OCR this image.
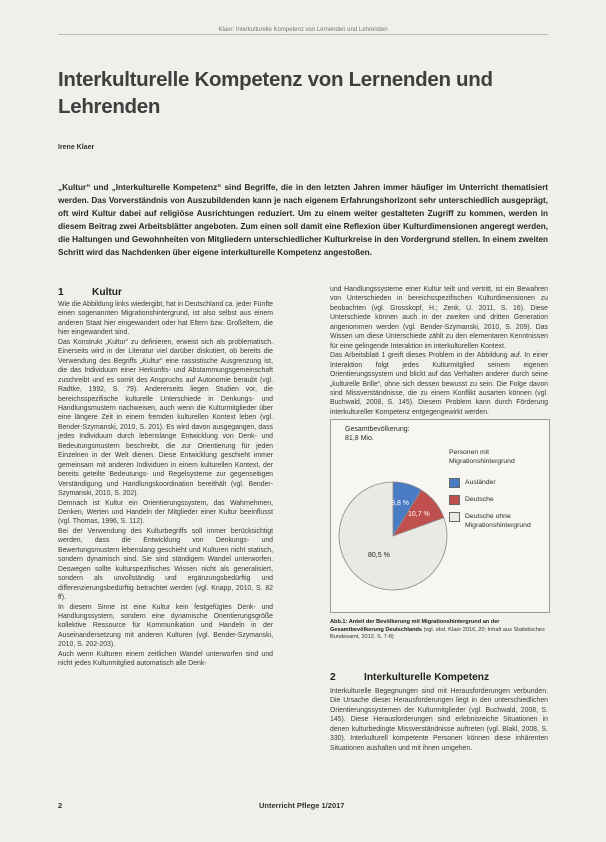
Klaer: Interkulturelle Kompetenz von Lernenden und Lehrenden
Interkulturelle Kompetenz von Lernenden und Lehrenden
Irene Klaer

„Kultur“ und „Interkulturelle Kompetenz“ sind Begriffe, die in den letzten Jahren immer häufiger im Unterricht thematisiert werden. Das Vorverständnis von Auszubildenden kann je nach eigenem Erfahrungshorizont sehr unterschiedlich ausgeprägt, oft wird Kultur dabei auf religiöse Ausrichtungen reduziert. Um zu einem weiter gestalteten Zugriff zu kommen, werden in diesem Beitrag zwei Arbeitsblätter angeboten. Zum einen soll damit eine Reflexion über Kulturdimensionen angeregt werden, die Haltungen und Gewohnheiten von Mitgliedern unterschiedlicher Kulturkreise in den Vordergrund stellen. In einem zweiten Schritt wird das Nachdenken über eigene interkulturelle Kompetenz angestoßen.

1	Kultur

Wie die Abbildung links wiedergibt, hat in Deutschland ca. jeder Fünfte einen sogenannten Migrationshintergrund, ist also selbst aus einem anderen Staat hier eingewandert oder hat Eltern bzw. Großeltern, die hier eingewandert sind.

Das Konstrukt „Kultur“ zu definieren, erweist sich als problematisch. Einerseits wird in der Literatur viel darüber diskutiert, ob bereits die Verwendung des Begriffs „Kultur“ eine rassistische Ausgrenzung ist, die das Individuum einer Herkunfts- und Abstammungsgemeinschaft zuschreibt und es somit des Anspruchs auf Autonomie beraubt (vgl. Radtke, 1992, S. 79). Andererseits liegen Studien vor, die bereichsspezifische kulturelle Unterschiede in Denkungs- und Handlungsmustern nachweisen, auch wenn die Kulturmitglieder über eine längere Zeit in einem fremden kulturellen Kontext leben (vgl. Bender-Szymanski, 2010, S. 201). Es wird davon ausgegangen, dass jedes Individuum durch lebenslange Entwicklung von Denk- und Bedeutungsmustern beschreibt, die zur Orientierung für jeden Einzelnen in der Welt dienen. Diese Entwicklung geschieht immer gemeinsam mit anderen Individuen in einem kulturellen Kontext, der bereits geteilte Bedeutungs- und Regelsysteme zur gegenseitigen Verständigung und Handlungskoordination bereithält (vgl. Bender-Szymanski, 2010, S. 202).

Demnach ist Kultur ein Orientierungssystem, das Wahrnehmen, Denken, Werten und Handeln der Mitglieder einer Kultur beeinflusst (vgl. Thomas, 1996, S. 112).

Bei der Verwendung des Kulturbegriffs soll immer berücksichtigt werden, dass die Entwicklung von Denkungs- und Bewertungsmustern lebenslang geschieht und Kulturen nicht statisch, sondern dynamisch sind. Sie sind ständigem Wandel unterworfen. Deswegen sollte kulturspezifisches Wissen nicht als generalisiert, sondern als unvollständig und ergänzungsbedürftig und differenzierungsbedürftig betrachtet werden (vgl. Knapp, 2010, S. 82 ff).

In diesem Sinne ist eine Kultur kein festgefügtes Denk- und Handlungssystem, sondern eine dynamische Orientierungsgröße kollektive Ressource für Kommunikation und Handeln in der Auseinandersetzung mit anderen Kulturen (vgl. Bender-Szymanski, 2010, S. 202-203).

Auch wenn Kulturen einem zeitlichen Wandel unterworfen sind und nicht jedes Kulturmitglied automatisch alle Denk-

und Handlungssysteme einer Kultur teilt und vertritt, ist ein Bewahren von Unterschieden in bereichsspezifischen Kulturdimensionen zu beobachten (vgl. Grosskopf, H.; Zenk, U. 2011, S. 16). Diese Unterschiede können auch in der zweiten und dritten Generation angenommen werden (vgl. Bender-Szymanski, 2010, S. 209). Das Wissen um diese Unterschiede zählt zu den elementaren Kenntnissen für eine gelingende Interaktion im interkulturellen Kontext.

Das Arbeitsblatt 1 greift dieses Problem in der Abbildung auf. In einer Interaktion folgt jedes Kulturmitglied seinem eigenen Orientierungssystem und blickt auf das Verhalten anderer durch seine „kulturelle Brille“, ohne sich dessen bewusst zu sein. Die Folge davon sind Missverständnisse, die zu einem Konflikt ausarten können (vgl. Buchwald, 2008, S. 145). Diesem Problem kann durch Förderung interkultureller Kompetenz entgegengewirkt werden.

Gesamtbevölkerung:
81,8 Mio.
8,8 %
10,7 %
80,5 %
Personen mit Migrationshintergrund
Ausländer
Deutsche
Deutsche ohne Migrationshintergrund

Abb.1: Anteil der Bevölkerung mit Migrationshintergrund an der Gesamtbevölkerung Deutschlands (vgl. ebd. Klaer 2016, 20; Inhalt aus Statistisches Bundesamt, 2012, S. 7-8)

2	Interkulturelle Kompetenz

Interkulturelle Begegnungen sind mit Herausforderungen verbunden. Die Ursache dieser Herausforderungen liegt in den unterschiedlichen Orientierungssystemen der Kulturmitglieder (vgl. Buchwald, 2008, S. 145). Diese Herausforderungen sind erlebnisreiche Situationen in denen kulturbedingte Missverständnisse auftreten (vgl. Blakl, 2008, S. 330). Interkulturell kompetente Personen können diese inhärenten Situationen aushalten und mit ihnen umgehen.

2	Unterricht Pflege 1/2017
